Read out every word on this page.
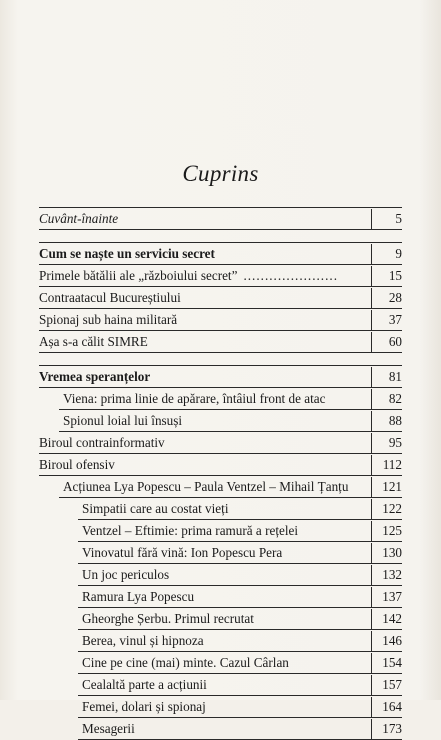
Cuprins
Cuvânt-înainte	5
Cum se naște un serviciu secret	9
Primele bătălii ale „războiului secret” ......................	15
Contraatacul Bucureștiului	28
Spionaj sub haina militară	37
Așa s-a călit SIMRE	60
Vremea speranțelor	81
Viena: prima linie de apărare, întâiul front de atac	82
Spionul loial lui însuși	88
Biroul contrainformativ	95
Biroul ofensiv	112
Acțiunea Lya Popescu – Paula Ventzel – Mihail Țanțu	121
Simpatii care au costat vieți	122
Ventzel – Eftimie: prima ramură a rețelei	125
Vinovatul fără vină: Ion Popescu Pera	130
Un joc periculos	132
Ramura Lya Popescu	137
Gheorghe Șerbu. Primul recrutat	142
Berea, vinul și hipnoza	146
Cine pe cine (mai) minte. Cazul Cârlan	154
Cealaltă parte a acțiunii	157
Femei, dolari și spionaj	164
Mesagerii	173
